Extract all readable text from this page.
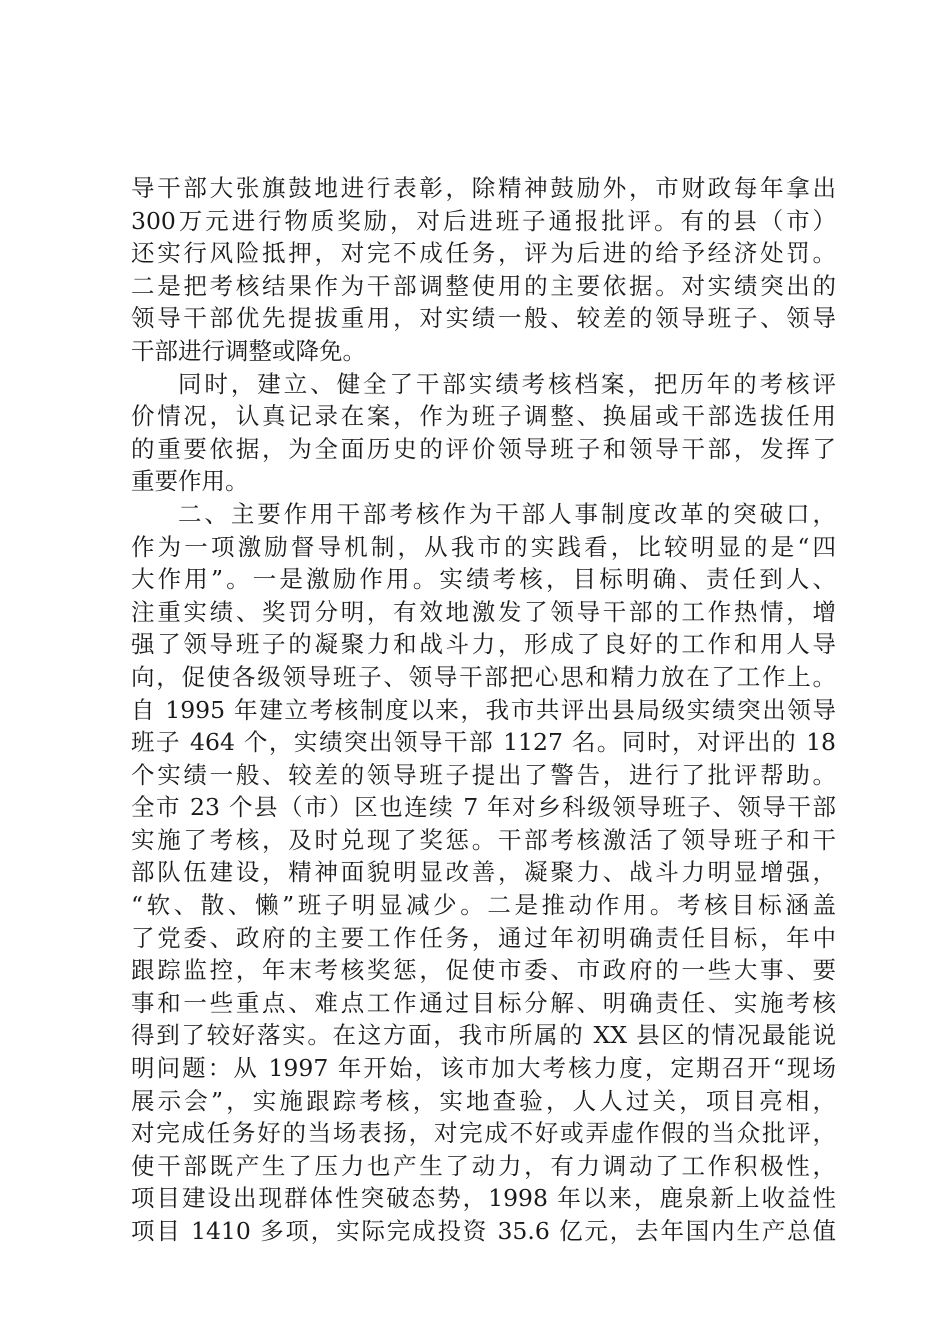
导干部大张旗鼓地进行表彰，除精神鼓励外，市财政每年拿出
300万元进行物质奖励，对后进班子通报批评。有的县（市）
还实行风险抵押，对完不成任务，评为后进的给予经济处罚。
二是把考核结果作为干部调整使用的主要依据。对实绩突出的
领导干部优先提拔重用，对实绩一般、较差的领导班子、领导
干部进行调整或降免。
同时，建立、健全了干部实绩考核档案，把历年的考核评
价情况，认真记录在案，作为班子调整、换届或干部选拔任用
的重要依据，为全面历史的评价领导班子和领导干部，发挥了
重要作用。
二、主要作用干部考核作为干部人事制度改革的突破口，
作为一项激励督导机制，从我市的实践看，比较明显的是“四
大作用”。一是激励作用。实绩考核，目标明确、责任到人、
注重实绩、奖罚分明，有效地激发了领导干部的工作热情，增
强了领导班子的凝聚力和战斗力，形成了良好的工作和用人导
向，促使各级领导班子、领导干部把心思和精力放在了工作上。
自 1995 年建立考核制度以来，我市共评出县局级实绩突出领导
班子 464 个，实绩突出领导干部 1127 名。同时，对评出的 18
个实绩一般、较差的领导班子提出了警告，进行了批评帮助。
全市 23 个县（市）区也连续 7 年对乡科级领导班子、领导干部
实施了考核，及时兑现了奖惩。干部考核激活了领导班子和干
部队伍建设，精神面貌明显改善，凝聚力、战斗力明显增强，
“软、散、懒”班子明显减少。二是推动作用。考核目标涵盖
了党委、政府的主要工作任务，通过年初明确责任目标，年中
跟踪监控，年末考核奖惩，促使市委、市政府的一些大事、要
事和一些重点、难点工作通过目标分解、明确责任、实施考核
得到了较好落实。在这方面，我市所属的 XX 县区的情况最能说
明问题：从 1997 年开始，该市加大考核力度，定期召开“现场
展示会”，实施跟踪考核，实地查验，人人过关，项目亮相，
对完成任务好的当场表扬，对完成不好或弄虚作假的当众批评，
使干部既产生了压力也产生了动力，有力调动了工作积极性，
项目建设出现群体性突破态势，1998 年以来，鹿泉新上收益性
项目 1410 多项，实际完成投资 35.6 亿元，去年国内生产总值
